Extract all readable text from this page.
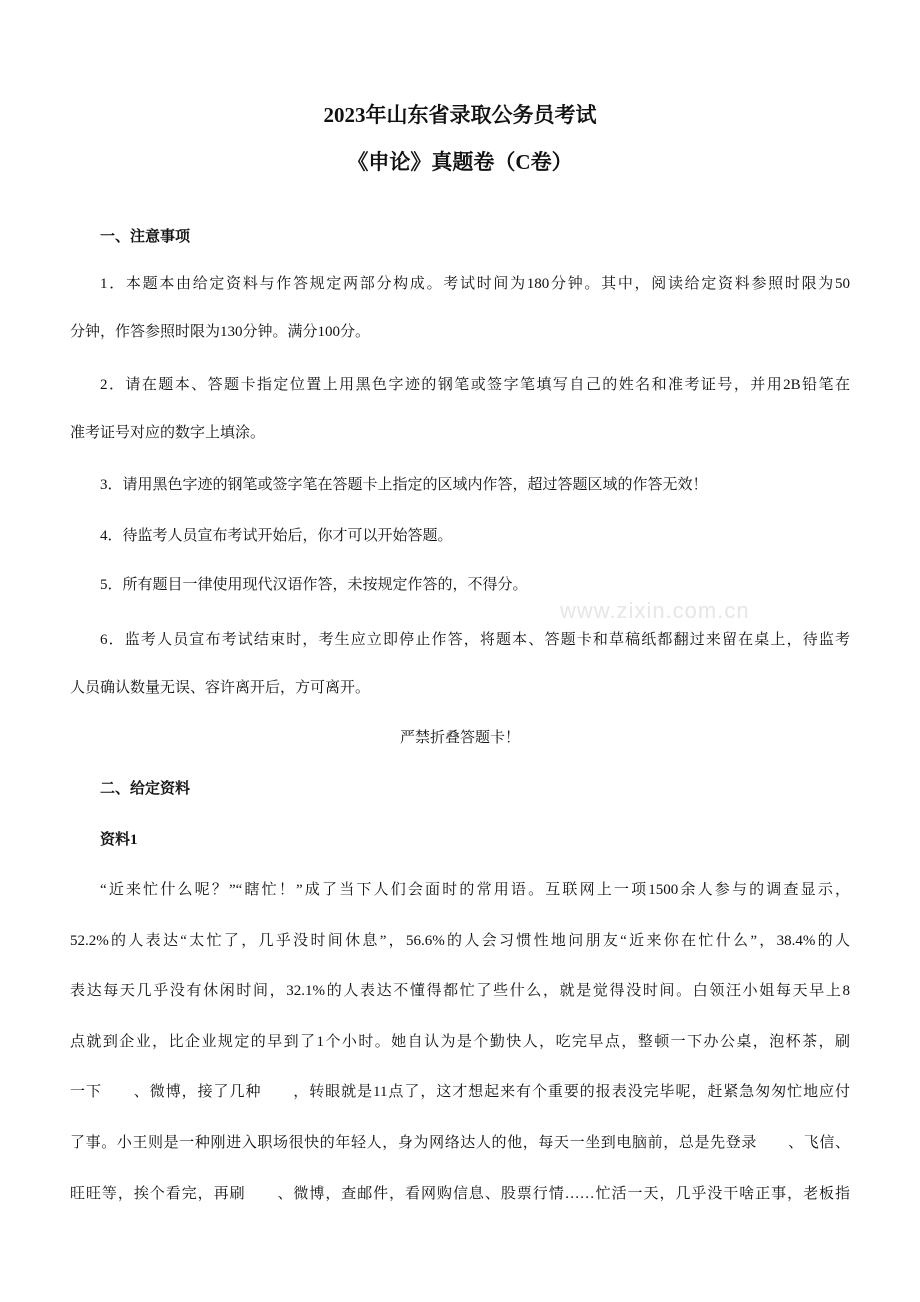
2023年山东省录取公务员考试
《申论》真题卷（C卷）
www.zixin.com.cn
一、注意事项
1．本题本由给定资料与作答规定两部分构成。考试时间为180分钟。其中，阅读给定资料参照时限为50
分钟，作答参照时限为130分钟。满分100分。
2．请在题本、答题卡指定位置上用黑色字迹的钢笔或签字笔填写自己的姓名和准考证号，并用2B铅笔在
准考证号对应的数字上填涂。
3．请用黑色字迹的钢笔或签字笔在答题卡上指定的区域内作答，超过答题区域的作答无效！
4．待监考人员宣布考试开始后，你才可以开始答题。
5．所有题目一律使用现代汉语作答，未按规定作答的，不得分。
6．监考人员宣布考试结束时，考生应立即停止作答，将题本、答题卡和草稿纸都翻过来留在桌上，待监考
人员确认数量无误、容许离开后，方可离开。
严禁折叠答题卡！
二、给定资料
资料1
“近来忙什么呢？”“瞎忙！”成了当下人们会面时的常用语。互联网上一项1500余人参与的调查显示，
52.2%的人表达“太忙了，几乎没时间休息”，56.6%的人会习惯性地问朋友“近来你在忙什么”，38.4%的人
表达每天几乎没有休闲时间，32.1%的人表达不懂得都忙了些什么，就是觉得没时间。白领汪小姐每天早上8
点就到企业，比企业规定的早到了1个小时。她自认为是个勤快人，吃完早点，整顿一下办公桌，泡杯茶，刷
一下　　、微博，接了几种　　，转眼就是11点了，这才想起来有个重要的报表没完毕呢，赶紧急匆匆忙地应付
了事。小王则是一种刚进入职场很快的年轻人，身为网络达人的他，每天一坐到电脑前，总是先登录　　、飞信、
旺旺等，挨个看完，再刷　　、微博，查邮件，看网购信息、股票行情……忙活一天，几乎没干啥正事，老板指
